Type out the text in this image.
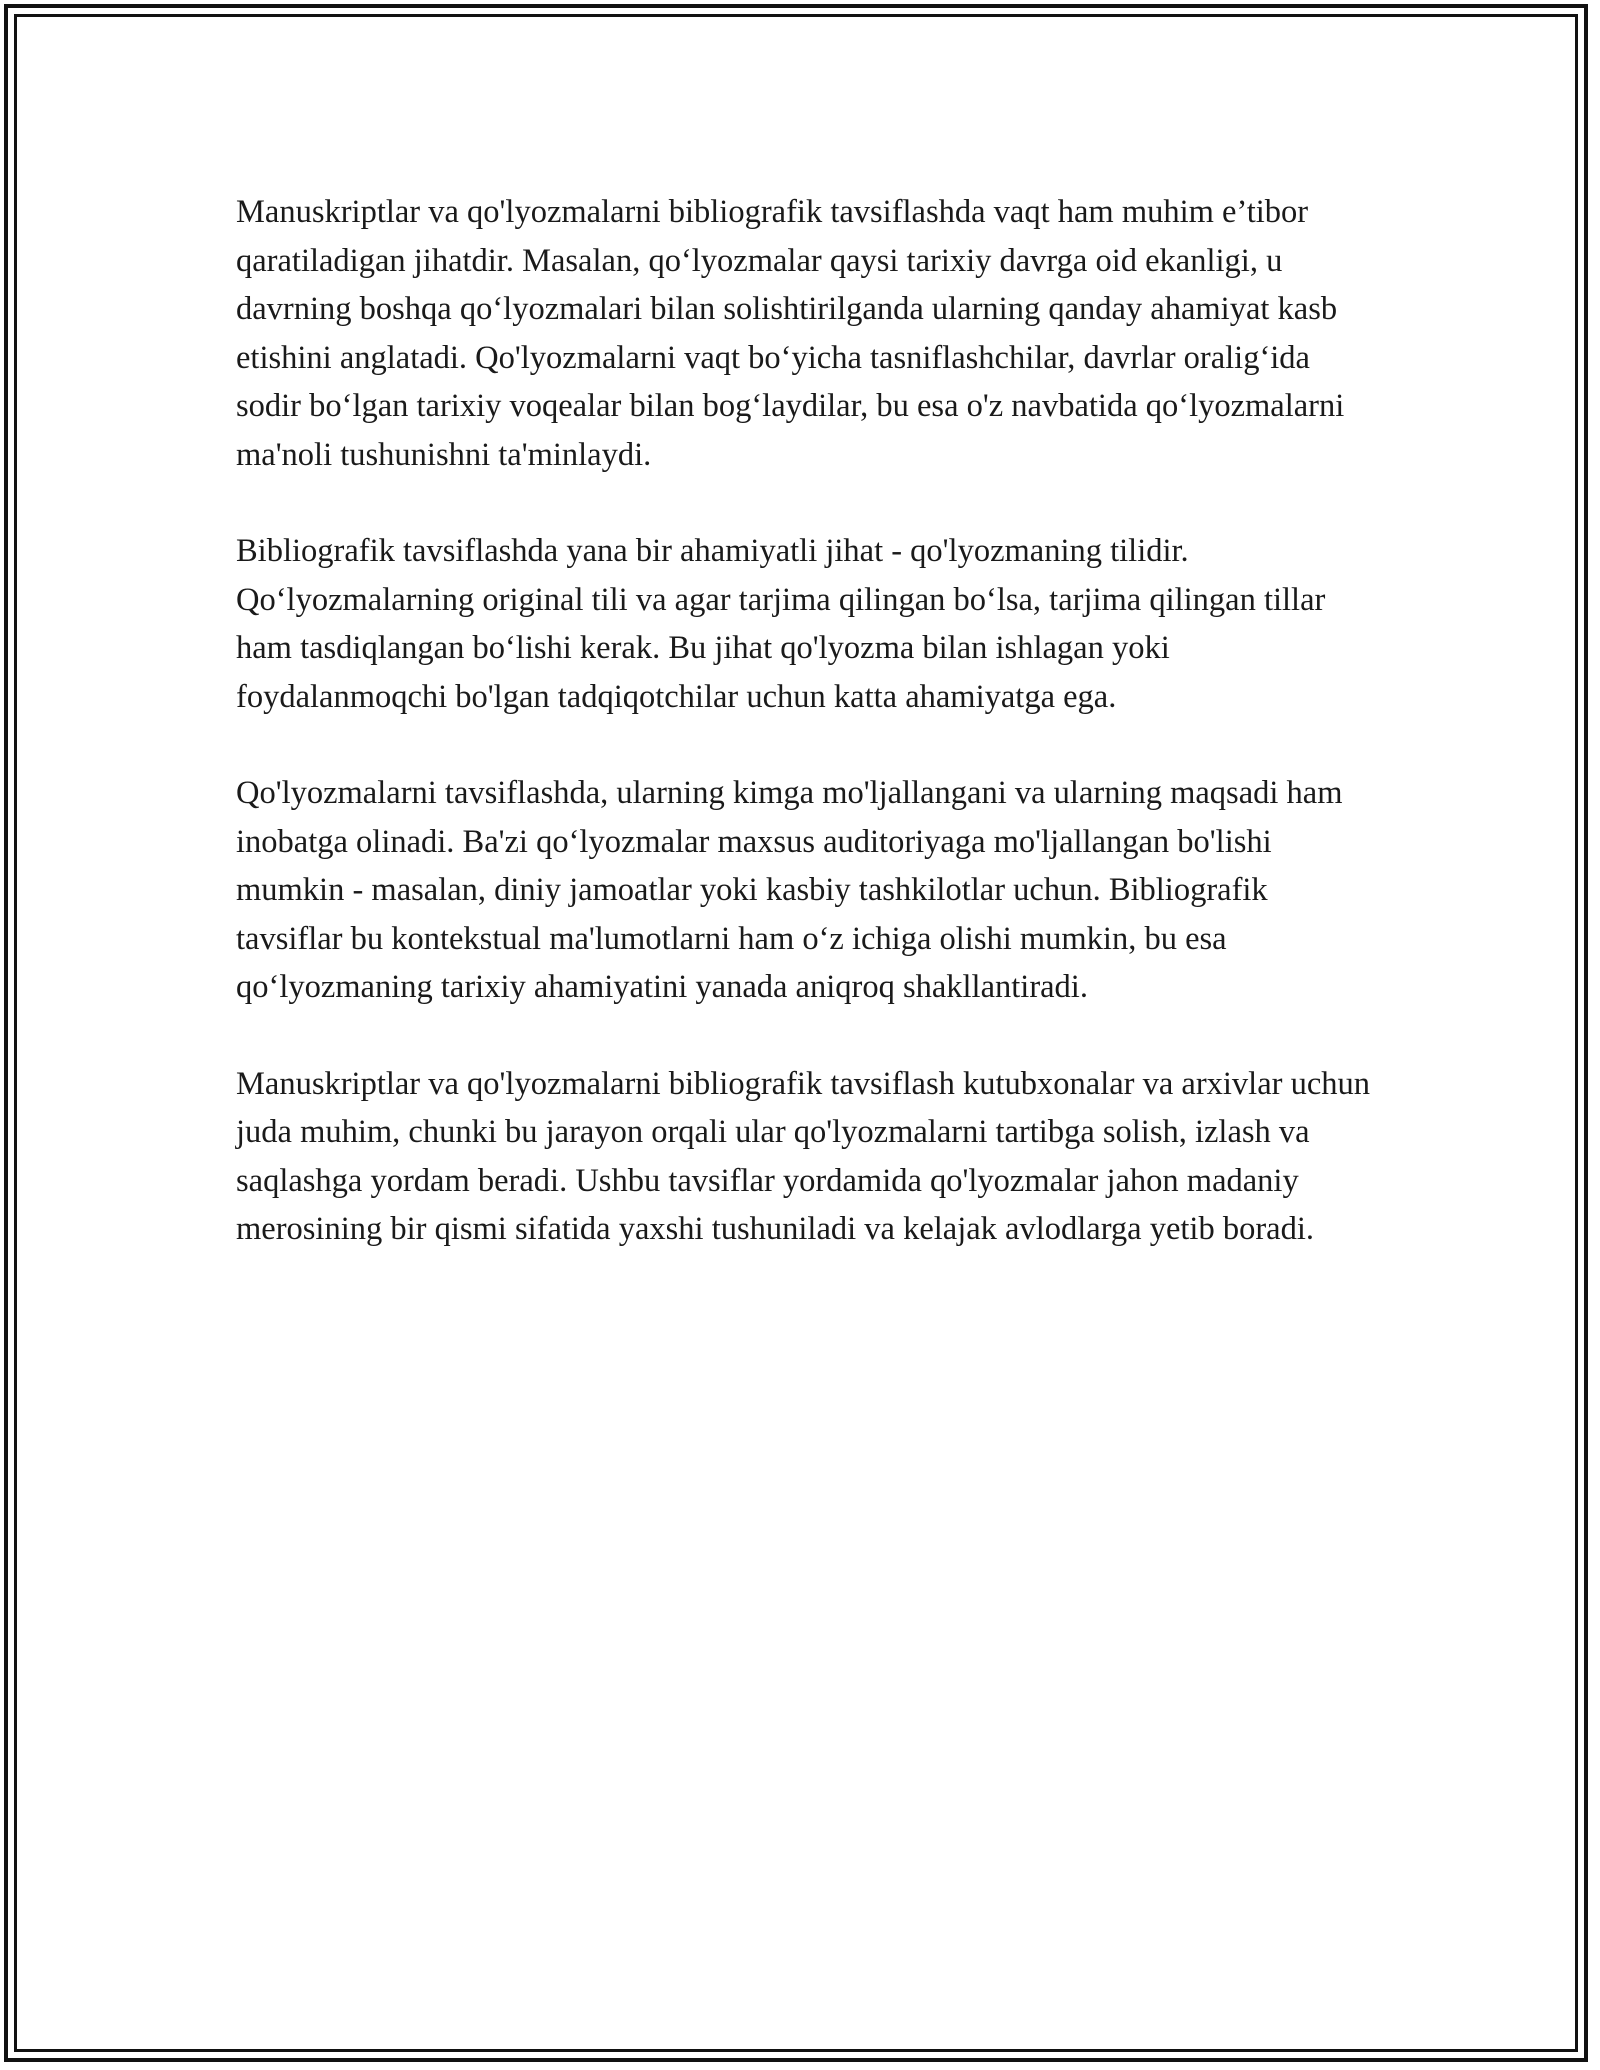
Manuskriptlar va qo'lyozmalarni bibliografik tavsiflashda vaqt ham muhim e’tibor qaratiladigan jihatdir. Masalan, qo‘lyozmalar qaysi tarixiy davrga oid ekanligi, u davrning boshqa qo‘lyozmalari bilan solishtirilganda ularning qanday ahamiyat kasb etishini anglatadi. Qo'lyozmalarni vaqt bo‘yicha tasniflashchilar, davrlar oralig‘ida sodir bo‘lgan tarixiy voqealar bilan bog‘laydilar, bu esa o'z navbatida qo‘lyozmalarni ma'noli tushunishni ta'minlaydi.

Bibliografik tavsiflashda yana bir ahamiyatli jihat - qo'lyozmaning tilidir. Qo‘lyozmalarning original tili va agar tarjima qilingan bo‘lsa, tarjima qilingan tillar ham tasdiqlangan bo‘lishi kerak. Bu jihat qo'lyozma bilan ishlagan yoki foydalanmoqchi bo'lgan tadqiqotchilar uchun katta ahamiyatga ega.

Qo'lyozmalarni tavsiflashda, ularning kimga mo'ljallangani va ularning maqsadi ham inobatga olinadi. Ba'zi qo‘lyozmalar maxsus auditoriyaga mo'ljallangan bo'lishi mumkin - masalan, diniy jamoatlar yoki kasbiy tashkilotlar uchun. Bibliografik tavsiflar bu kontekstual ma'lumotlarni ham o‘z ichiga olishi mumkin, bu esa qo‘lyozmaning tarixiy ahamiyatini yanada aniqroq shakllantiradi.

Manuskriptlar va qo'lyozmalarni bibliografik tavsiflash kutubxonalar va arxivlar uchun juda muhim, chunki bu jarayon orqali ular qo'lyozmalarni tartibga solish, izlash va saqlashga yordam beradi. Ushbu tavsiflar yordamida qo'lyozmalar jahon madaniy merosining bir qismi sifatida yaxshi tushuniladi va kelajak avlodlarga yetib boradi.
